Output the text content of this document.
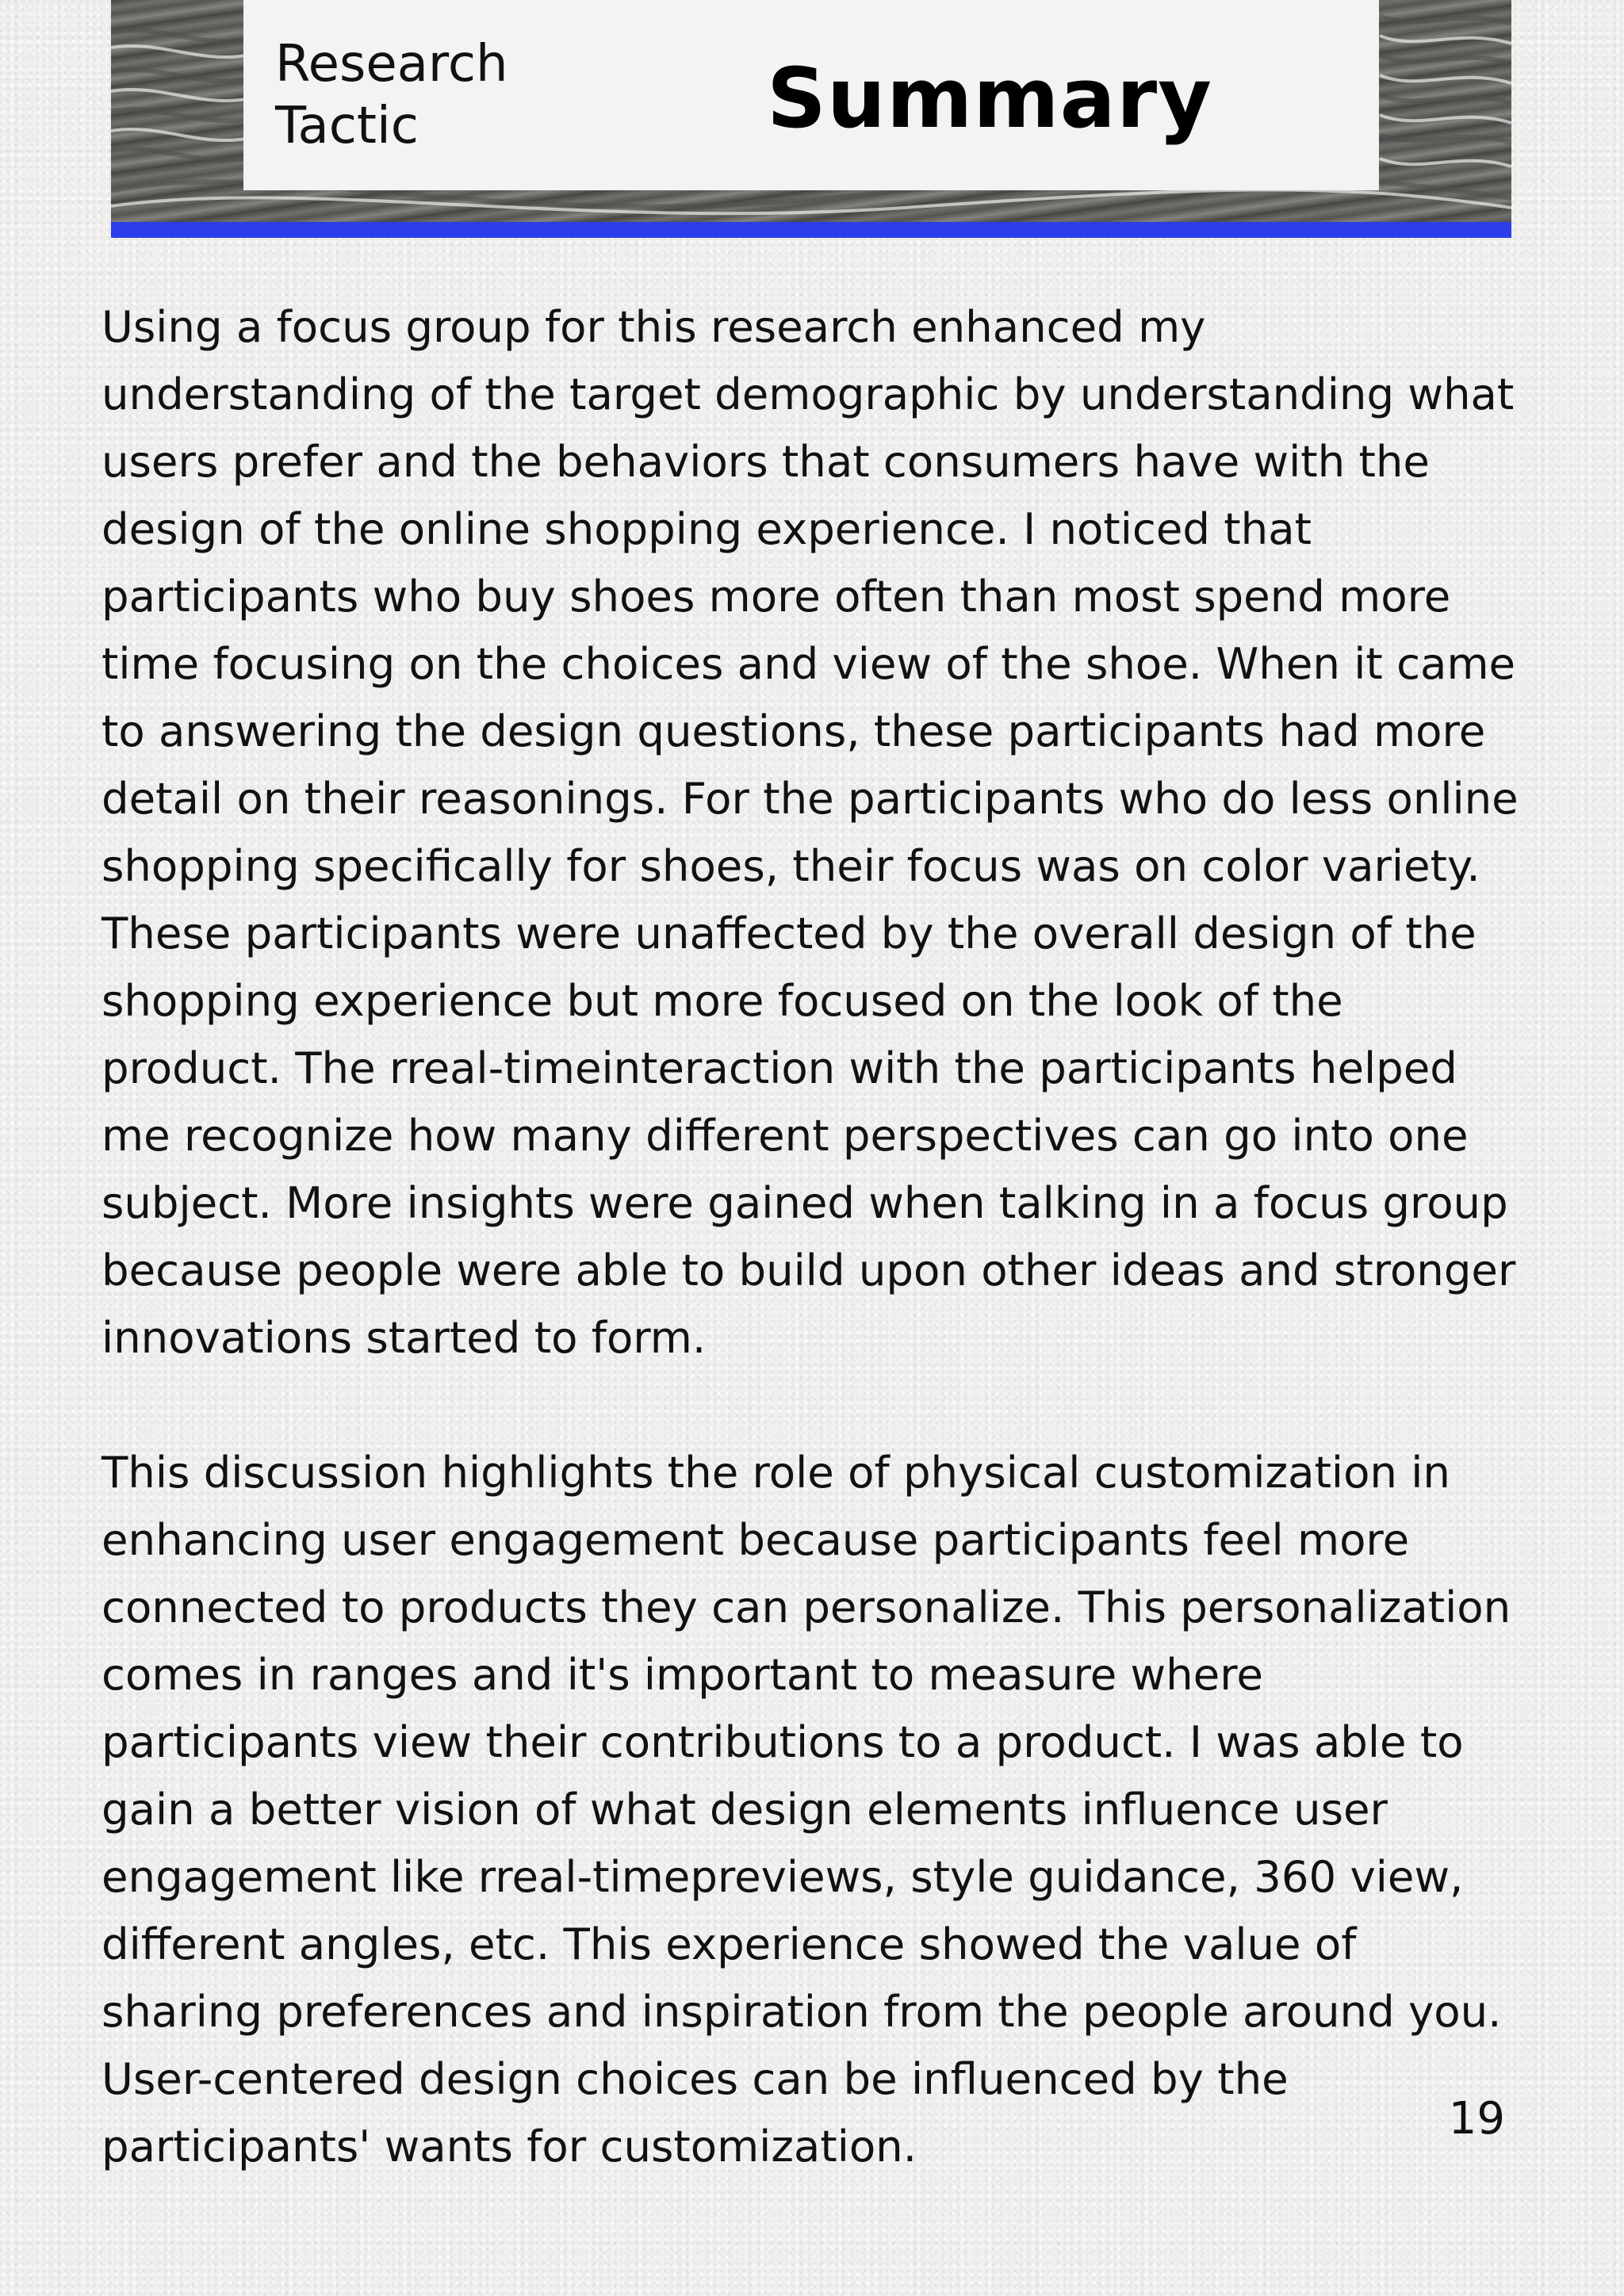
Research
Tactic	Summary

Using a focus group for this research enhanced my understanding of the target demographic by understanding what users prefer and the behaviors that consumers have with the design of the online shopping experience. I noticed that participants who buy shoes more often than most spend more time focusing on the choices and view of the shoe. When it came to answering the design questions, these participants had more detail on their reasonings. For the participants who do less online shopping specifically for shoes, their focus was on color variety. These participants were unaffected by the overall design of the shopping experience but more focused on the look of the product. The rreal-timeinteraction with the participants helped me recognize how many different perspectives can go into one subject. More insights were gained when talking in a focus group because people were able to build upon other ideas and stronger innovations started to form.

This discussion highlights the role of physical customization in enhancing user engagement because participants feel more connected to products they can personalize. This personalization comes in ranges and it's important to measure where participants view their contributions to a product. I was able to gain a better vision of what design elements influence user engagement like rreal-timepreviews, style guidance, 360 view, different angles, etc. This experience showed the value of sharing preferences and inspiration from the people around you. User-centered design choices can be influenced by the participants' wants for customization.

19
